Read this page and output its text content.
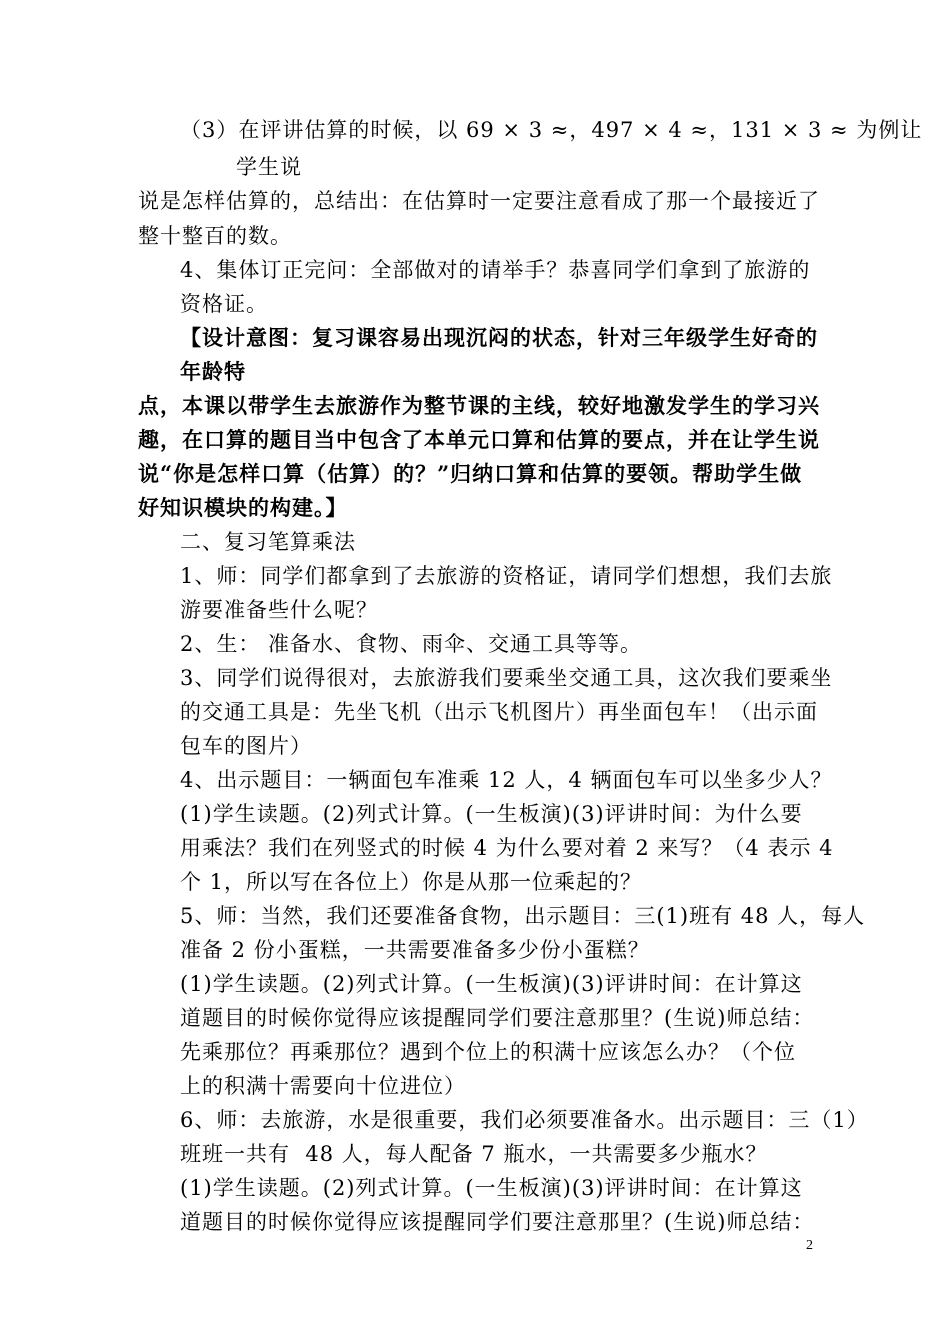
（3）在评讲估算的时候，以 69 × 3 ≈，497 × 4 ≈，131 × 3 ≈ 为例让
学生说
说是怎样估算的，总结出：在估算时一定要注意看成了那一个最接近了
整十整百的数。
4、集体订正完问：全部做对的请举手？恭喜同学们拿到了旅游的
资格证。
【设计意图：复习课容易出现沉闷的状态，针对三年级学生好奇的
年龄特
点，本课以带学生去旅游作为整节课的主线，较好地激发学生的学习兴
趣，在口算的题目当中包含了本单元口算和估算的要点，并在让学生说
说“你是怎样口算（估算）的？”归纳口算和估算的要领。帮助学生做
好知识模块的构建。】
二、复习笔算乘法
1、师：同学们都拿到了去旅游的资格证，请同学们想想，我们去旅
游要准备些什么呢？
2、生： 准备水、食物、雨伞、交通工具等等。
3、同学们说得很对，去旅游我们要乘坐交通工具，这次我们要乘坐
的交通工具是：先坐飞机（出示飞机图片）再坐面包车！（出示面
包车的图片）
4、出示题目：一辆面包车准乘 12 人，4 辆面包车可以坐多少人？
(1)学生读题。(2)列式计算。(一生板演)(3)评讲时间：为什么要
用乘法？我们在列竖式的时候 4 为什么要对着 2 来写？（4 表示 4
个 1，所以写在各位上）你是从那一位乘起的？
5、师：当然，我们还要准备食物，出示题目：三(1)班有 48 人，每人
准备 2 份小蛋糕，一共需要准备多少份小蛋糕？
(1)学生读题。(2)列式计算。(一生板演)(3)评讲时间：在计算这
道题目的时候你觉得应该提醒同学们要注意那里？(生说)师总结：
先乘那位？再乘那位？遇到个位上的积满十应该怎么办？（个位
上的积满十需要向十位进位）
6、师：去旅游，水是很重要，我们必须要准备水。出示题目：三（1）
班班一共有  48 人，每人配备 7 瓶水，一共需要多少瓶水？
(1)学生读题。(2)列式计算。(一生板演)(3)评讲时间：在计算这
道题目的时候你觉得应该提醒同学们要注意那里？(生说)师总结：
2
